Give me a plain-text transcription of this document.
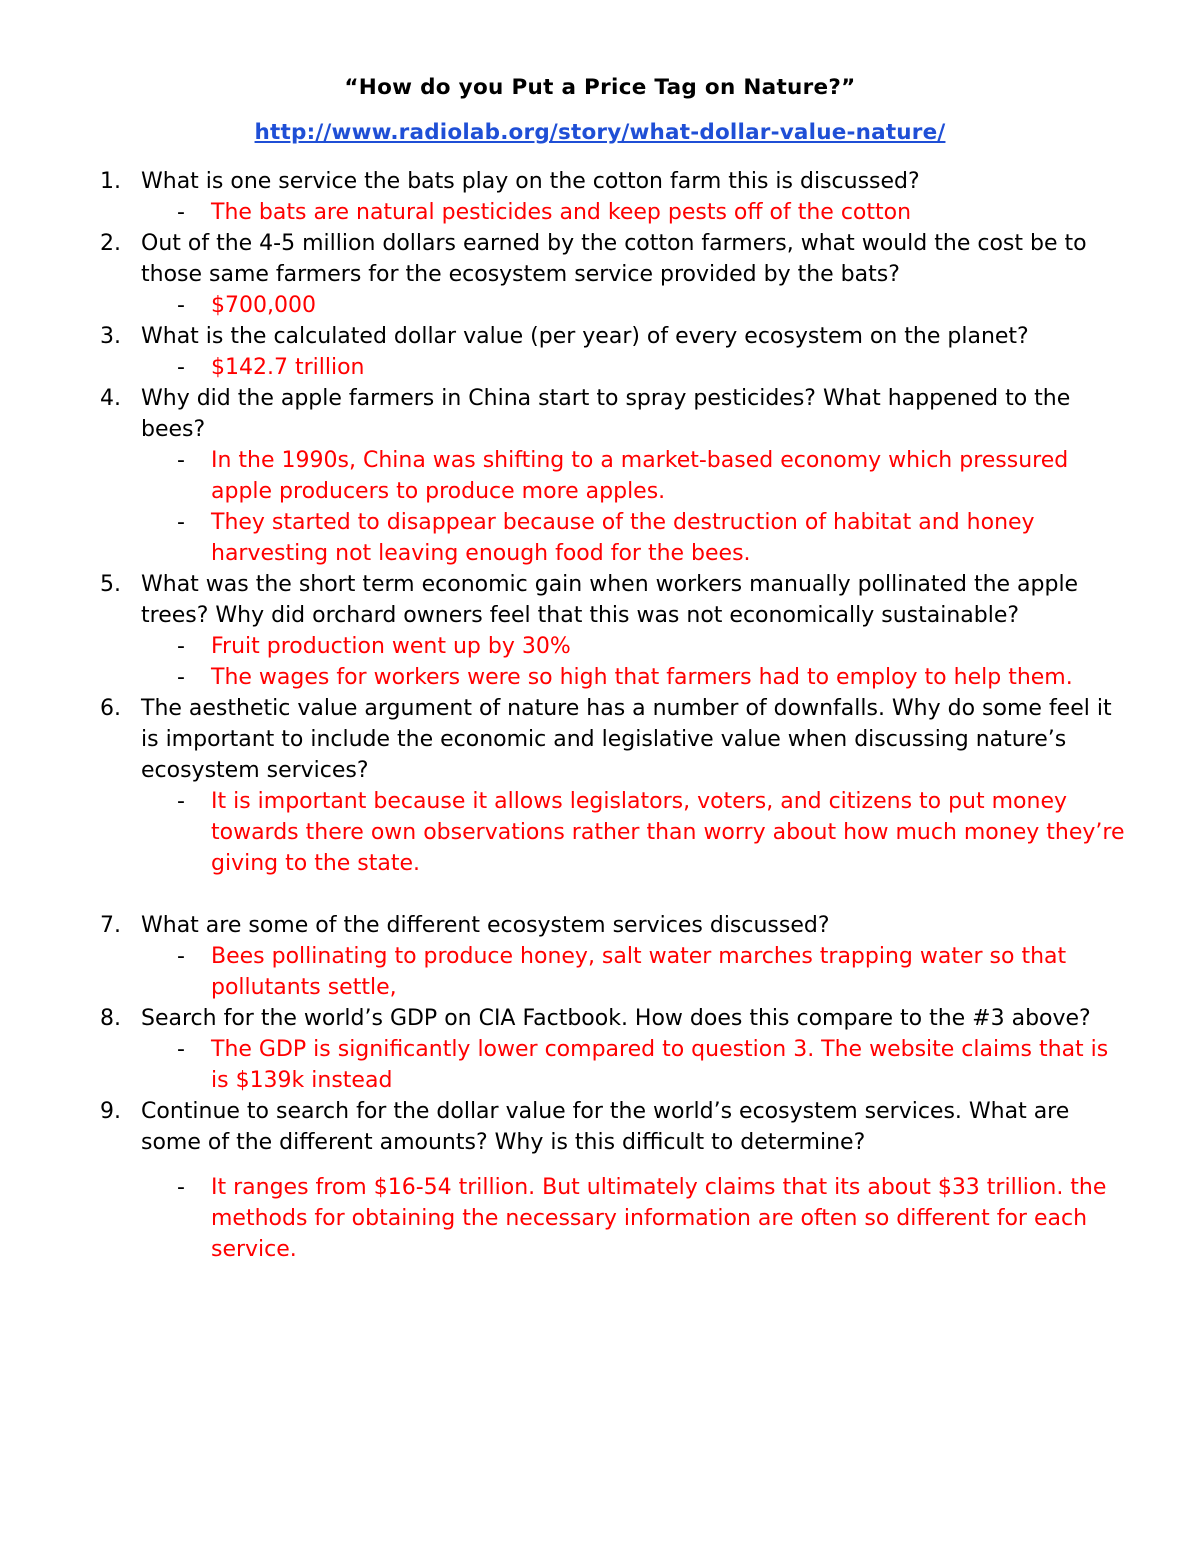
“How do you Put a Price Tag on Nature?”
http://www.radiolab.org/story/what-dollar-value-nature/
1. What is one service the bats play on the cotton farm this is discussed?
- The bats are natural pesticides and keep pests off of the cotton
2. Out of the 4-5 million dollars earned by the cotton farmers, what would the cost be to those same farmers for the ecosystem service provided by the bats?
- $700,000
3. What is the calculated dollar value (per year) of every ecosystem on the planet?
- $142.7 trillion
4. Why did the apple farmers in China start to spray pesticides? What happened to the bees?
- In the 1990s, China was shifting to a market-based economy which pressured apple producers to produce more apples.
- They started to disappear because of the destruction of habitat and honey harvesting not leaving enough food for the bees.
5. What was the short term economic gain when workers manually pollinated the apple trees? Why did orchard owners feel that this was not economically sustainable?
- Fruit production went up by 30%
- The wages for workers were so high that farmers had to employ to help them.
6. The aesthetic value argument of nature has a number of downfalls. Why do some feel it is important to include the economic and legislative value when discussing nature’s ecosystem services?
- It is important because it allows legislators, voters, and citizens to put money towards there own observations rather than worry about how much money they’re giving to the state.
7. What are some of the different ecosystem services discussed?
- Bees pollinating to produce honey, salt water marches trapping water so that pollutants settle,
8. Search for the world’s GDP on CIA Factbook. How does this compare to the #3 above?
- The GDP is significantly lower compared to question 3. The website claims that is is $139k instead
9. Continue to search for the dollar value for the world’s ecosystem services. What are some of the different amounts? Why is this difficult to determine?
- It ranges from $16-54 trillion. But ultimately claims that its about $33 trillion. the methods for obtaining the necessary information are often so different for each service.
